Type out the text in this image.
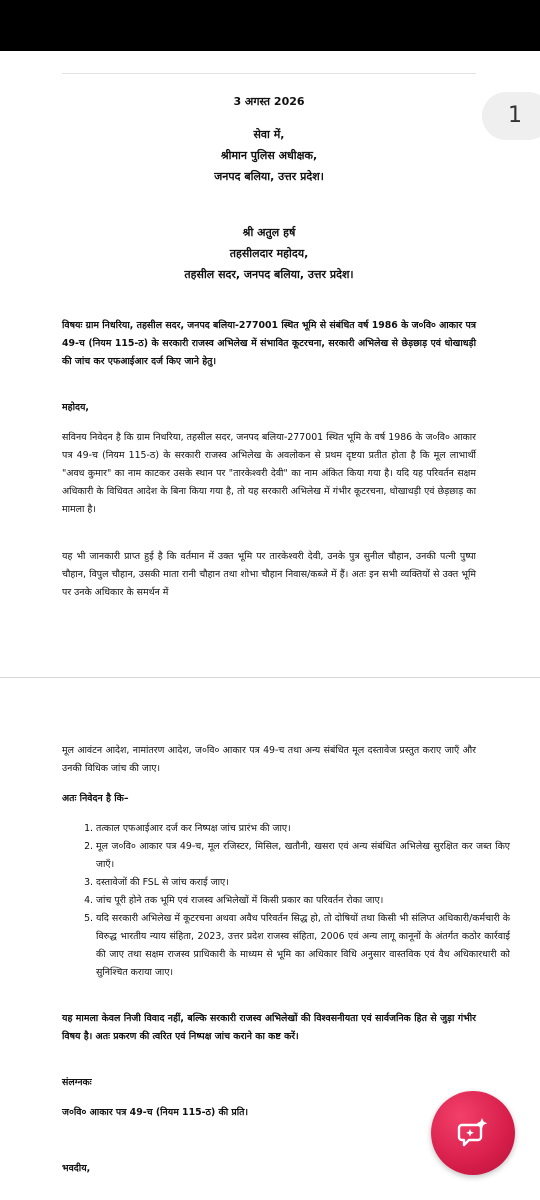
3 अगस्त 2026

सेवा में,

श्रीमान पुलिस अधीक्षक,

जनपद बलिया, उत्तर प्रदेश।

श्री अतुल हर्ष

तहसीलदार महोदय,

तहसील सदर, जनपद बलिया, उत्तर प्रदेश।

विषयः ग्राम निधरिया, तहसील सदर, जनपद बलिया-277001 स्थित भूमि से संबंधित वर्ष 1986 के ज०वि० आकार पत्र 49-च (नियम 115-ठ) के सरकारी राजस्व अभिलेख में संभावित कूटरचना, सरकारी अभिलेख से छेड़छाड़ एवं धोखाधड़ी की जांच कर एफआईआर दर्ज किए जाने हेतु।

महोदय,

सविनय निवेदन है कि ग्राम निधरिया, तहसील सदर, जनपद बलिया-277001 स्थित भूमि के वर्ष 1986 के ज०वि० आकार पत्र 49-च (नियम 115-ठ) के सरकारी राजस्व अभिलेख के अवलोकन से प्रथम दृष्टया प्रतीत होता है कि मूल लाभार्थी "अवध कुमार" का नाम काटकर उसके स्थान पर "तारकेश्वरी देवी" का नाम अंकित किया गया है। यदि यह परिवर्तन सक्षम अधिकारी के विधिवत आदेश के बिना किया गया है, तो यह सरकारी अभिलेख में गंभीर कूटरचना, धोखाधड़ी एवं छेड़छाड़ का मामला है।

यह भी जानकारी प्राप्त हुई है कि वर्तमान में उक्त भूमि पर तारकेश्वरी देवी, उनके पुत्र सुनील चौहान, उनकी पत्नी पुष्पा चौहान, विपुल चौहान, उसकी माता रानी चौहान तथा शोभा चौहान निवास/कब्जे में हैं। अतः इन सभी व्यक्तियों से उक्त भूमि पर उनके अधिकार के समर्थन में

1

मूल आवंटन आदेश, नामांतरण आदेश, ज०वि० आकार पत्र 49-च तथा अन्य संबंधित मूल दस्तावेज प्रस्तुत कराए जाएँ और उनकी विधिक जांच की जाए।

अतः निवेदन है कि–

1. तत्काल एफआईआर दर्ज कर निष्पक्ष जांच प्रारंभ की जाए।
2. मूल ज०वि० आकार पत्र 49-च, मूल रजिस्टर, मिसिल, खतौनी, खसरा एवं अन्य संबंधित अभिलेख सुरक्षित कर जब्त किए जाएँ।
3. दस्तावेजों की FSL से जांच कराई जाए।
4. जांच पूरी होने तक भूमि एवं राजस्व अभिलेखों में किसी प्रकार का परिवर्तन रोका जाए।
5. यदि सरकारी अभिलेख में कूटरचना अथवा अवैध परिवर्तन सिद्ध हो, तो दोषियों तथा किसी भी संलिप्त अधिकारी/कर्मचारी के विरुद्ध भारतीय न्याय संहिता, 2023, उत्तर प्रदेश राजस्व संहिता, 2006 एवं अन्य लागू कानूनों के अंतर्गत कठोर कार्रवाई की जाए तथा सक्षम राजस्व प्राधिकारी के माध्यम से भूमि का अधिकार विधि अनुसार वास्तविक एवं वैध अधिकारधारी को सुनिश्चित कराया जाए।

यह मामला केवल निजी विवाद नहीं, बल्कि सरकारी राजस्व अभिलेखों की विश्वसनीयता एवं सार्वजनिक हित से जुड़ा गंभीर विषय है। अतः प्रकरण की त्वरित एवं निष्पक्ष जांच कराने का कष्ट करें।

संलग्नकः

ज०वि० आकार पत्र 49-च (नियम 115-ठ) की प्रति।

भवदीय,
